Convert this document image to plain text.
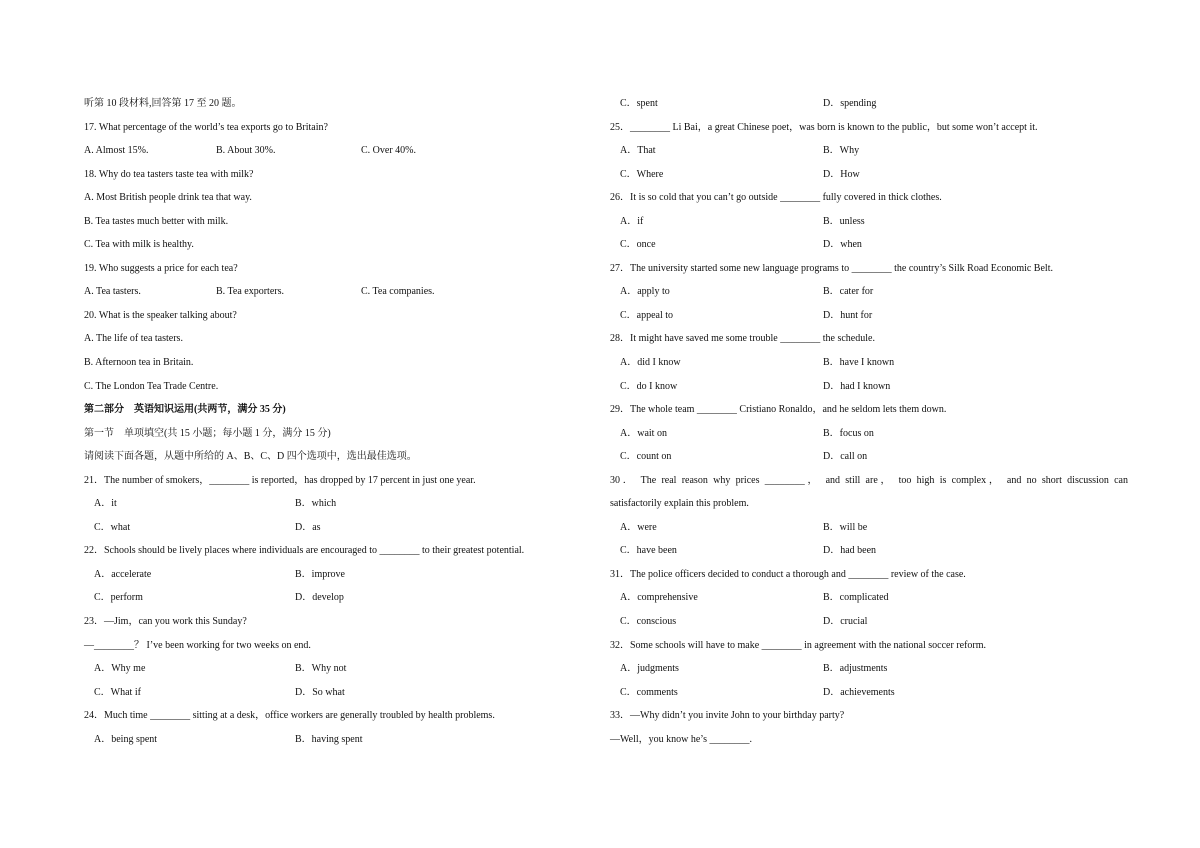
听第 10 段材料,回答第 17 至 20 题。
17. What percentage of the world’s tea exports go to Britain?
A. Almost 15%.	B. About 30%.	C. Over 40%.
18. Why do tea tasters taste tea with milk?
A. Most British people drink tea that way.
B. Tea tastes much better with milk.
C. Tea with milk is healthy.
19. Who suggests a price for each tea?
A. Tea tasters.	B. Tea exporters.	C. Tea companies.
20. What is the speaker talking about?
A. The life of tea tasters.
B. Afternoon tea in Britain.
C. The London Tea Trade Centre.
第二部分　英语知识运用(共两节，满分 35 分)
第一节　单项填空(共 15 小题；每小题 1 分，满分 15 分)
请阅读下面各题，从题中所给的 A、B、C、D 四个选项中，选出最佳选项。
21．The number of smokers，________ is reported，has dropped by 17 percent in just one year.
A．it	B．which
C．what	D．as
22．Schools should be lively places where individuals are encouraged to ________ to their greatest potential.
A．accelerate	B．improve
C．perform	D．develop
23．—Jim，can you work this Sunday?
—________？ I’ve been working for two weeks on end.
A．Why me	B．Why not
C．What if	D．So what
24．Much time ________ sitting at a desk，office workers are generally troubled by health problems.
A．being spent	B．having spent
C．spent	D．spending
25．________ Li Bai，a great Chinese poet，was born is known to the public，but some won’t accept it.
A．That	B．Why
C．Where	D．How
26．It is so cold that you can’t go outside ________ fully covered in thick clothes.
A．if	B．unless
C．once	D．when
27．The university started some new language programs to ________ the country’s Silk Road Economic Belt.
A．apply to	B．cater for
C．appeal to	D．hunt for
28．It might have saved me some trouble ________ the schedule.
A．did I know	B．have I known
C．do I know	D．had I known
29．The whole team ________ Cristiano Ronaldo，and he seldom lets them down.
A．wait on	B．focus on
C．count on	D．call on
30． The real reason why prices ________， and still are， too high is complex， and no short discussion can
satisfactorily explain this problem.
A．were	B．will be
C．have been	D．had been
31．The police officers decided to conduct a thorough and ________ review of the case.
A．comprehensive	B．complicated
C．conscious	D．crucial
32．Some schools will have to make ________ in agreement with the national soccer reform.
A．judgments	B．adjustments
C．comments	D．achievements
33．—Why didn’t you invite John to your birthday party?
—Well，you know he’s ________.
